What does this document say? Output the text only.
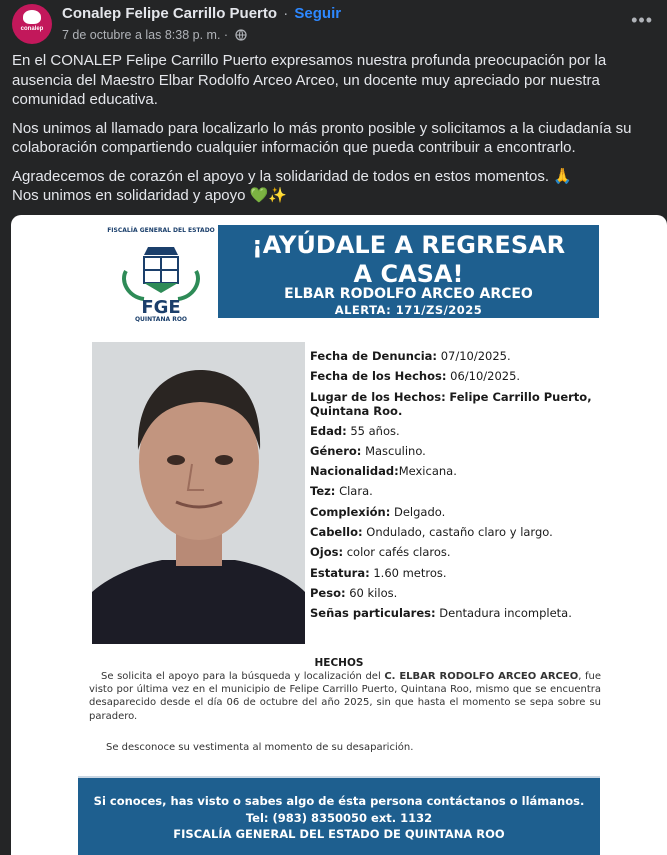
conalep
Conalep Felipe Carrillo Puerto · Seguir
7 de octubre a las 8:38 p. m. ·
•••

En el CONALEP Felipe Carrillo Puerto expresamos nuestra profunda preocupación por la ausencia del Maestro Elbar Rodolfo Arceo Arceo, un docente muy apreciado por nuestra comunidad educativa.

Nos unimos al llamado para localizarlo lo más pronto posible y solicitamos a la ciudadanía su colaboración compartiendo cualquier información que pueda contribuir a encontrarlo.

Agradecemos de corazón el apoyo y la solidaridad de todos en estos momentos. 🙏

Nos unimos en solidaridad y apoyo 💚✨

FISCALÍA GENERAL DEL ESTADO
FGE
QUINTANA ROO
¡AYÚDALE A REGRESAR
A CASA!
ELBAR RODOLFO ARCEO ARCEO
ALERTA: 171/ZS/2025
Fecha de Denuncia: 07/10/2025.
Fecha de los Hechos: 06/10/2025.
Lugar de los Hechos: Felipe Carrillo Puerto, Quintana Roo.
Edad: 55 años.
Género: Masculino.
Nacionalidad:Mexicana.
Tez: Clara.
Complexión: Delgado.
Cabello: Ondulado, castaño claro y largo.
Ojos: color cafés claros.
Estatura: 1.60 metros.
Peso: 60 kilos.
Señas particulares: Dentadura incompleta.
HECHOS
Se solicita el apoyo para la búsqueda y localización del C. ELBAR RODOLFO ARCEO ARCEO, fue visto por última vez en el municipio de Felipe Carrillo Puerto, Quintana Roo, mismo que se encuentra desaparecido desde el día 06 de octubre del año 2025, sin que hasta el momento se sepa sobre su paradero.
Se desconoce su vestimenta al momento de su desaparición.
Si conoces, has visto o sabes algo de ésta persona contáctanos o llámanos.
Tel: (983) 8350050 ext. 1132
FISCALÍA GENERAL DEL ESTADO DE QUINTANA ROO
